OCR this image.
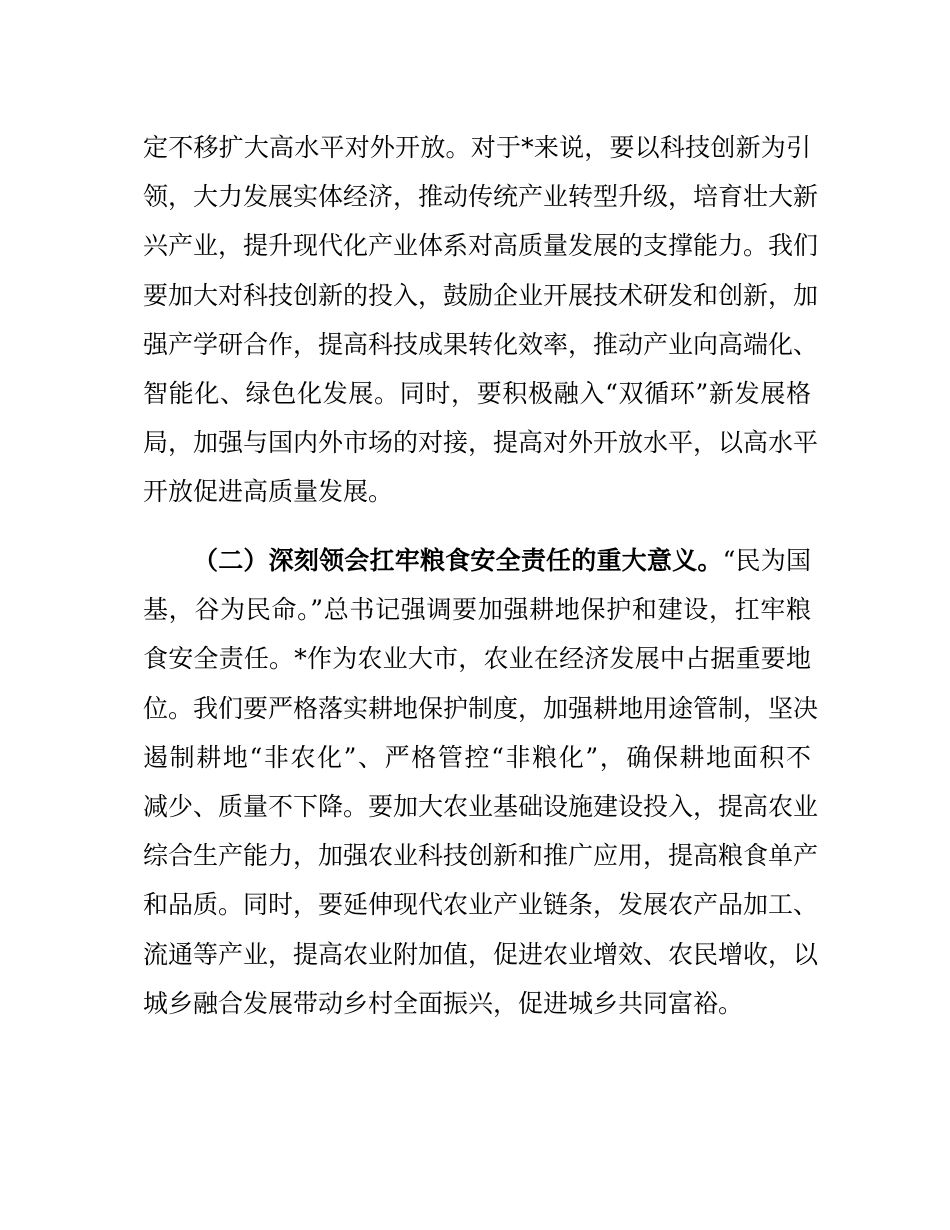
定不移扩大高水平对外开放。对于*来说，要以科技创新为引
领，大力发展实体经济，推动传统产业转型升级，培育壮大新
兴产业，提升现代化产业体系对高质量发展的支撑能力。我们
要加大对科技创新的投入，鼓励企业开展技术研发和创新，加
强产学研合作，提高科技成果转化效率，推动产业向高端化、
智能化、绿色化发展。同时，要积极融入“双循环”新发展格
局，加强与国内外市场的对接，提高对外开放水平，以高水平
开放促进高质量发展。
（二）深刻领会扛牢粮食安全责任的重大意义。“民为国
基，谷为民命。”总书记强调要加强耕地保护和建设，扛牢粮
食安全责任。*作为农业大市，农业在经济发展中占据重要地
位。我们要严格落实耕地保护制度，加强耕地用途管制，坚决
遏制耕地“非农化”、严格管控“非粮化”，确保耕地面积不
减少、质量不下降。要加大农业基础设施建设投入，提高农业
综合生产能力，加强农业科技创新和推广应用，提高粮食单产
和品质。同时，要延伸现代农业产业链条，发展农产品加工、
流通等产业，提高农业附加值，促进农业增效、农民增收，以
城乡融合发展带动乡村全面振兴，促进城乡共同富裕。
